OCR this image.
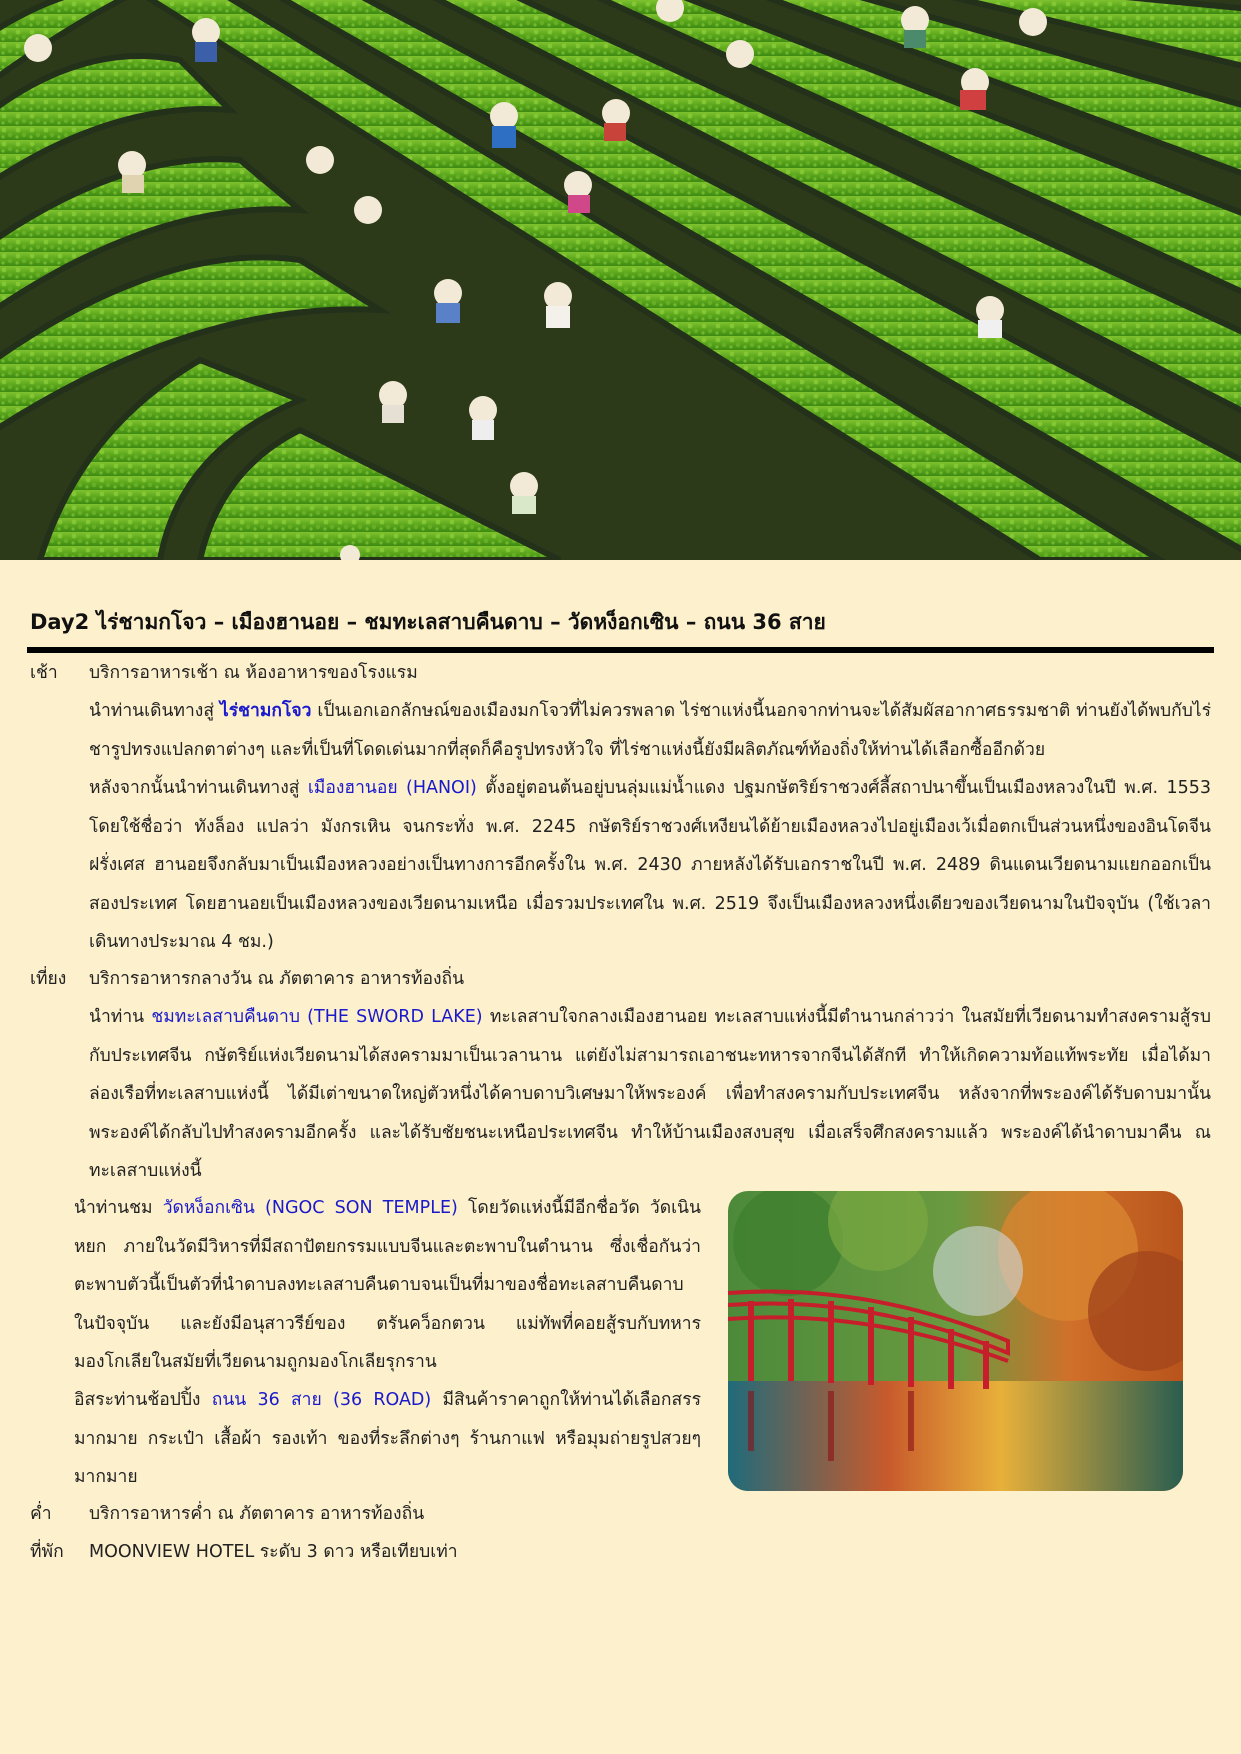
Day2 ไร่ชามกโจว – เมืองฮานอย – ชมทะเลสาบคืนดาบ – วัดหง็อกเซิน – ถนน 36 สาย
เช้า บริการอาหารเช้า ณ ห้องอาหารของโรงแรม
นำท่านเดินทางสู่ ไร่ชามกโจว เป็นเอกเอกลักษณ์ของเมืองมกโจวที่ไม่ควรพลาด ไร่ชาแห่งนี้นอกจากท่านจะได้สัมผัสอากาศธรรมชาติ ท่านยังได้พบกับไร่ชารูปทรงแปลกตาต่างๆ และที่เป็นที่โดดเด่นมากที่สุดก็คือรูปทรงหัวใจ ที่ไร่ชาแห่งนี้ยังมีผลิตภัณฑ์ท้องถิ่งให้ท่านได้เลือกซื้ออีกด้วย
หลังจากนั้นนำท่านเดินทางสู่ เมืองฮานอย (HANOI) ตั้งอยู่ตอนต้นอยู่บนลุ่มแม่น้ำแดง ปฐมกษัตริย์ราชวงศ์ลี้สถาปนาขึ้นเป็นเมืองหลวงในปี พ.ศ. 1553 โดยใช้ชื่อว่า ทังล็อง แปลว่า มังกรเหิน จนกระทั่ง พ.ศ. 2245 กษัตริย์ราชวงศ์เหงียนได้ย้ายเมืองหลวงไปอยู่เมืองเว้เมื่อตกเป็นส่วนหนึ่งของอินโดจีนฝรั่งเศส ฮานอยจึงกลับมาเป็นเมืองหลวงอย่างเป็นทางการอีกครั้งใน พ.ศ. 2430 ภายหลังได้รับเอกราชในปี พ.ศ. 2489 ดินแดนเวียดนามแยกออกเป็นสองประเทศ โดยฮานอยเป็นเมืองหลวงของเวียดนามเหนือ เมื่อรวมประเทศใน พ.ศ. 2519 จึงเป็นเมืองหลวงหนึ่งเดียวของเวียดนามในปัจจุบัน (ใช้เวลาเดินทางประมาณ 4 ชม.)
เที่ยง บริการอาหารกลางวัน ณ ภัตตาคาร อาหารท้องถิ่น
นำท่าน ชมทะเลสาบคืนดาบ (THE SWORD LAKE) ทะเลสาบใจกลางเมืองฮานอย ทะเลสาบแห่งนี้มีตำนานกล่าวว่า ในสมัยที่เวียดนามทำสงครามสู้รบกับประเทศจีน กษัตริย์แห่งเวียดนามได้สงครามมาเป็นเวลานาน แต่ยังไม่สามารถเอาชนะทหารจากจีนได้สักที ทำให้เกิดความท้อแท้พระทัย เมื่อได้มาล่องเรือที่ทะเลสาบแห่งนี้ ได้มีเต่าขนาดใหญ่ตัวหนึ่งได้คาบดาบวิเศษมาให้พระองค์ เพื่อทำสงครามกับประเทศจีน หลังจากที่พระองค์ได้รับดาบมานั้น พระองค์ได้กลับไปทำสงครามอีกครั้ง และได้รับชัยชนะเหนือประเทศจีน ทำให้บ้านเมืองสงบสุข เมื่อเสร็จศึกสงครามแล้ว พระองค์ได้นำดาบมาคืน ณ ทะเลสาบแห่งนี้
นำท่านชม วัดหง็อกเซิน (NGOC SON TEMPLE) โดยวัดแห่งนี้มีอีกชื่อวัด วัดเนินหยก ภายในวัดมีวิหารที่มีสถาปัตยกรรมแบบจีนและตะพาบในตำนาน ซึ่งเชื่อกันว่าตะพาบตัวนี้เป็นตัวที่นำดาบลงทะเลสาบคืนดาบจนเป็นที่มาของชื่อทะเลสาบคืนดาบในปัจจุบัน และยังมีอนุสาวรีย์ของ ตรันคว็อกตวน แม่ทัพที่คอยสู้รบกับทหารมองโกเลียในสมัยที่เวียดนามถูกมองโกเลียรุกราน
อิสระท่านช้อปปิ้ง ถนน 36 สาย (36 ROAD) มีสินค้าราคาถูกให้ท่านได้เลือกสรรมากมาย กระเป๋า เสื้อผ้า รองเท้า ของที่ระลึกต่างๆ ร้านกาแฟ หรือมุมถ่ายรูปสวยๆมากมาย
ค่ำ บริการอาหารค่ำ ณ ภัตตาคาร อาหารท้องถิ่น
ที่พัก MOONVIEW HOTEL ระดับ 3 ดาว หรือเทียบเท่า
